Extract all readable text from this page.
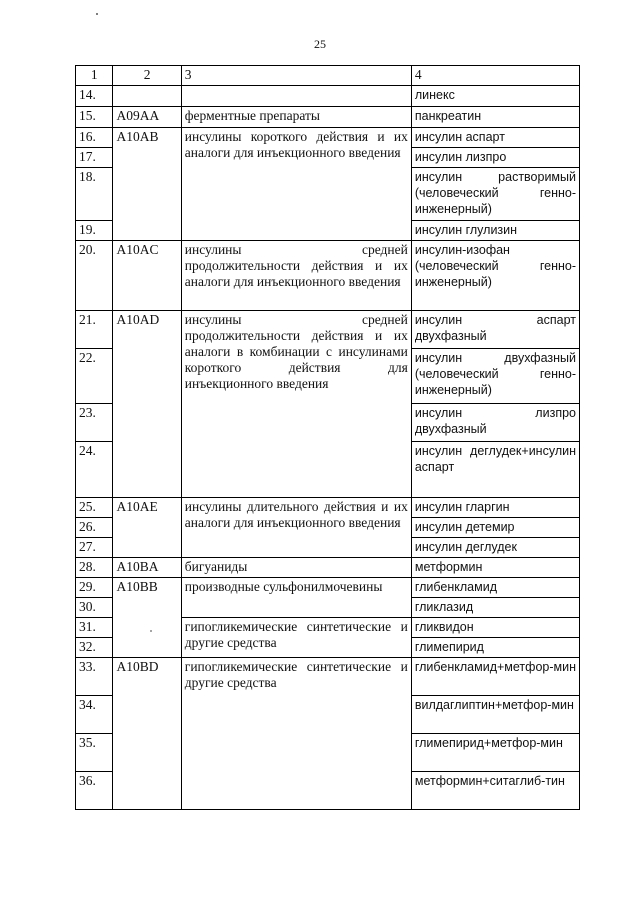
25
1	2	3	4
14.			линекс
15.	A09AA	ферментные препараты	панкреатин
16.	A10AB	инсулины короткого действия и их аналоги для инъекционного введения	инсулин аспарт
17.			инсулин лизпро
18.			инсулин растворимый (человеческий генно-инженерный)
19.			инсулин глулизин
20.	A10AC	инсулины средней продолжительности действия и их аналоги для инъекционного введения	инсулин-изофан (человеческий генно-инженерный)
21.	A10AD	инсулины средней продолжительности действия и их аналоги в комбинации с инсулинами короткого действия для инъекционного введения	инсулин аспарт двухфазный
22.			инсулин двухфазный (человеческий генно-инженерный)
23.			инсулин лизпро двухфазный
24.			инсулин деглудек+инсулин аспарт
25.	A10AE	инсулины длительного действия и их аналоги для инъекционного введения	инсулин гларгин
26.			инсулин детемир
27.			инсулин деглудек
28.	A10BA	бигуаниды	метформин
29.	A10BB	производные сульфонилмочевины	глибенкламид
30.			гликлазид
31.		гипогликемические синтетические и другие средства	гликвидон
32.			глимепирид
33.	A10BD	гипогликемические синтетические и другие средства	глибенкламид+метфор-мин
34.			вилдаглиптин+метфор-мин
35.			глимепирид+метфор-мин
36.			метформин+ситаглиб-тин
